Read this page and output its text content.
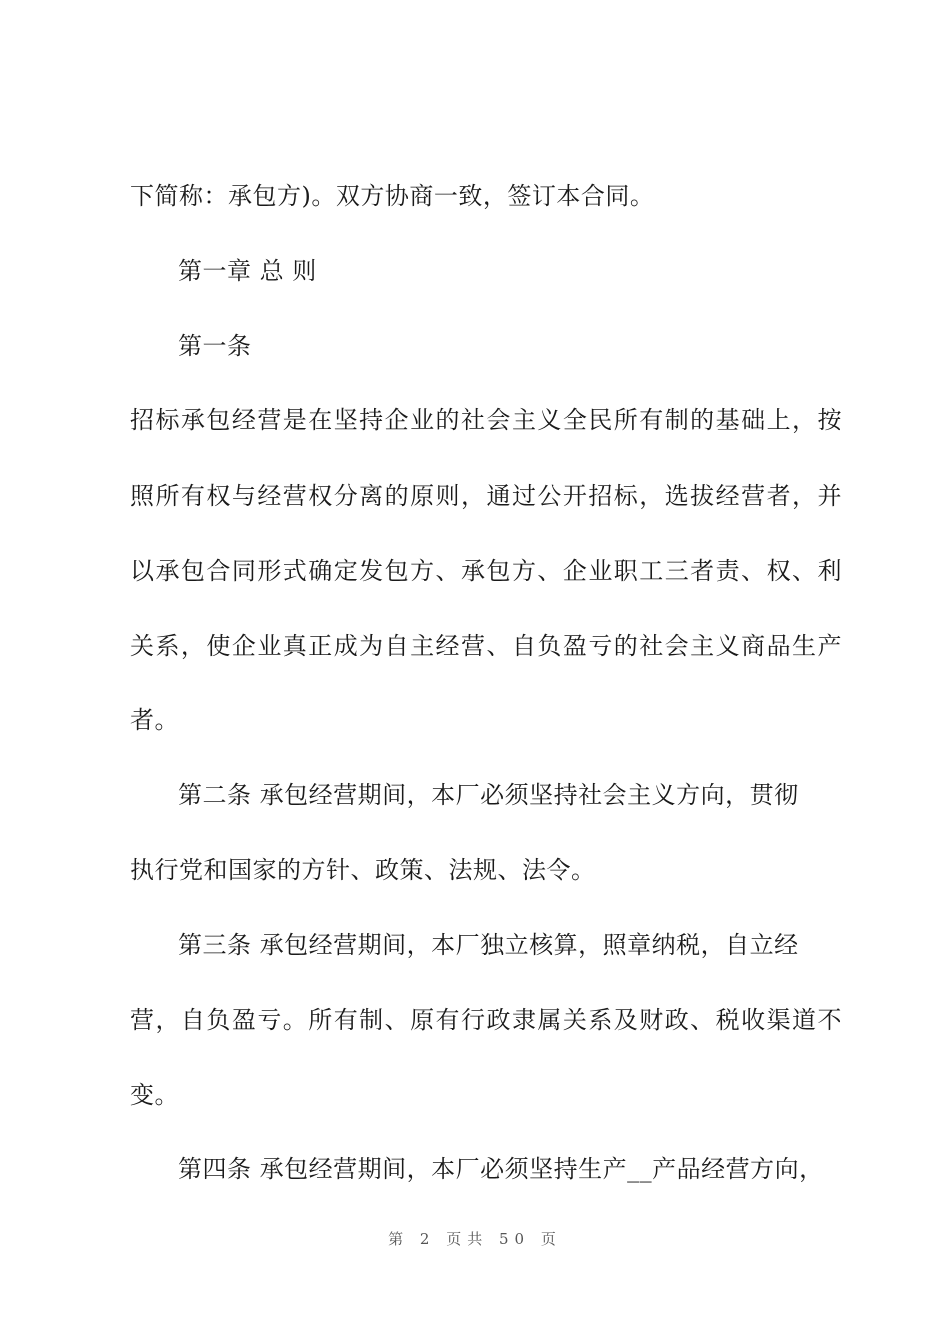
下简称：承包方)。双方协商一致，签订本合同。
第一章 总 则
第一条
招标承包经营是在坚持企业的社会主义全民所有制的基础上，按
照所有权与经营权分离的原则，通过公开招标，选拔经营者，并
以承包合同形式确定发包方、承包方、企业职工三者责、权、利
关系，使企业真正成为自主经营、自负盈亏的社会主义商品生产
者。
第二条 承包经营期间，本厂必须坚持社会主义方向，贯彻
执行党和国家的方针、政策、法规、法令。
第三条 承包经营期间，本厂独立核算，照章纳税，自立经
营，自负盈亏。所有制、原有行政隶属关系及财政、税收渠道不
变。
第四条 承包经营期间，本厂必须坚持生产__产品经营方向，
第 2 页共 50 页
